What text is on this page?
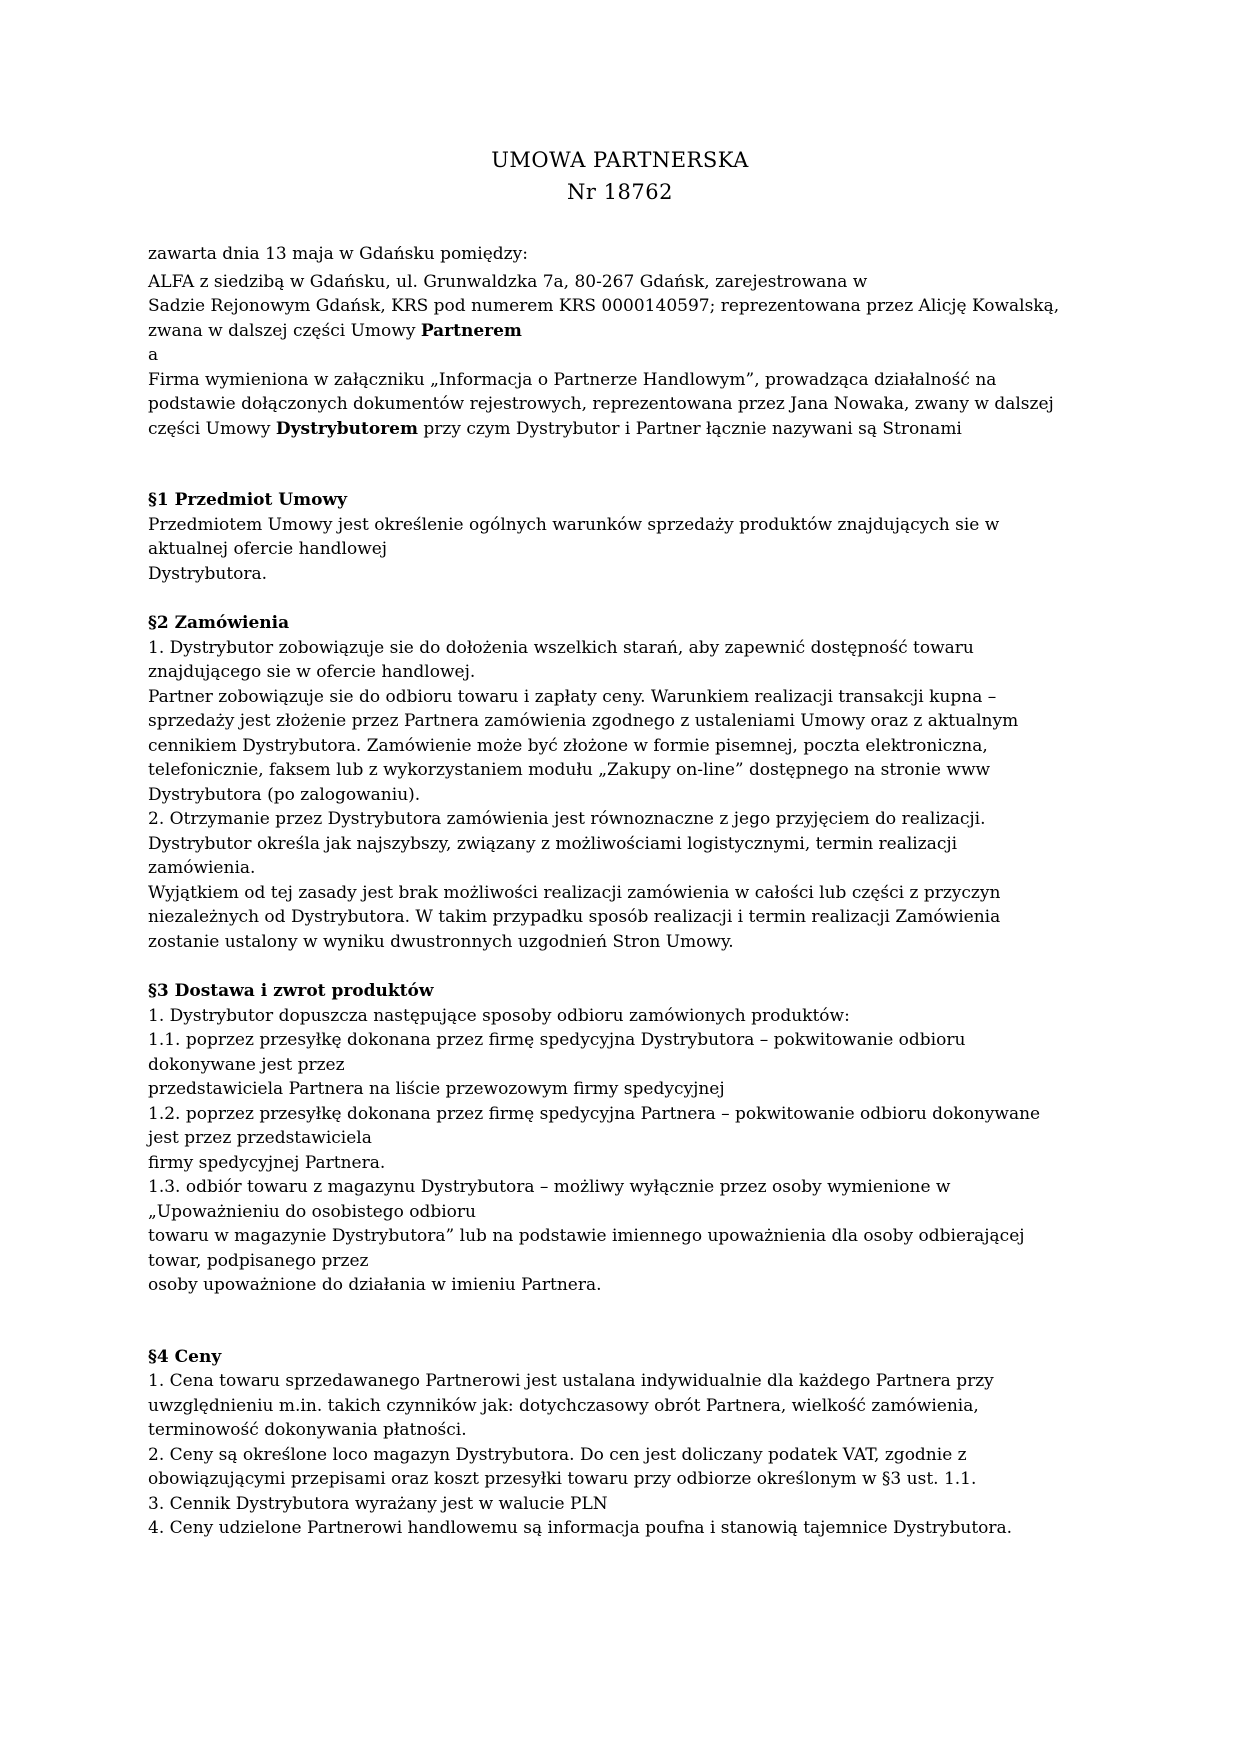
UMOWA PARTNERSKA
Nr 18762
zawarta dnia 13 maja w Gdańsku pomiędzy:
ALFA z siedzibą w Gdańsku, ul. Grunwaldzka 7a, 80-267 Gdańsk, zarejestrowana w
Sadzie Rejonowym Gdańsk, KRS pod numerem KRS 0000140597; reprezentowana przez Alicję Kowalską,
zwana w dalszej części Umowy Partnerem
a
Firma wymieniona w załączniku „Informacja o Partnerze Handlowym”, prowadząca działalność na
podstawie dołączonych dokumentów rejestrowych, reprezentowana przez Jana Nowaka, zwany w dalszej
części Umowy Dystrybutorem przy czym Dystrybutor i Partner łącznie nazywani są Stronami
§1 Przedmiot Umowy
Przedmiotem Umowy jest określenie ogólnych warunków sprzedaży produktów znajdujących sie w
aktualnej ofercie handlowej
Dystrybutora.
§2 Zamówienia
1. Dystrybutor zobowiązuje sie do dołożenia wszelkich starań, aby zapewnić dostępność towaru
znajdującego sie w ofercie handlowej.
Partner zobowiązuje sie do odbioru towaru i zapłaty ceny. Warunkiem realizacji transakcji kupna –
sprzedaży jest złożenie przez Partnera zamówienia zgodnego z ustaleniami Umowy oraz z aktualnym
cennikiem Dystrybutora. Zamówienie może być złożone w formie pisemnej, poczta elektroniczna,
telefonicznie, faksem lub z wykorzystaniem modułu „Zakupy on-line” dostępnego na stronie www
Dystrybutora (po zalogowaniu).
2. Otrzymanie przez Dystrybutora zamówienia jest równoznaczne z jego przyjęciem do realizacji.
Dystrybutor określa jak najszybszy, związany z możliwościami logistycznymi, termin realizacji
zamówienia.
Wyjątkiem od tej zasady jest brak możliwości realizacji zamówienia w całości lub części z przyczyn
niezależnych od Dystrybutora. W takim przypadku sposób realizacji i termin realizacji Zamówienia
zostanie ustalony w wyniku dwustronnych uzgodnień Stron Umowy.
§3 Dostawa i zwrot produktów
1. Dystrybutor dopuszcza następujące sposoby odbioru zamówionych produktów:
1.1. poprzez przesyłkę dokonana przez firmę spedycyjna Dystrybutora – pokwitowanie odbioru
dokonywane jest przez
przedstawiciela Partnera na liście przewozowym firmy spedycyjnej
1.2. poprzez przesyłkę dokonana przez firmę spedycyjna Partnera – pokwitowanie odbioru dokonywane
jest przez przedstawiciela
firmy spedycyjnej Partnera.
1.3. odbiór towaru z magazynu Dystrybutora – możliwy wyłącznie przez osoby wymienione w
„Upoważnieniu do osobistego odbioru
towaru w magazynie Dystrybutora” lub na podstawie imiennego upoważnienia dla osoby odbierającej
towar, podpisanego przez
osoby upoważnione do działania w imieniu Partnera.
§4 Ceny
1. Cena towaru sprzedawanego Partnerowi jest ustalana indywidualnie dla każdego Partnera przy
uwzględnieniu m.in. takich czynników jak: dotychczasowy obrót Partnera, wielkość zamówienia,
terminowość dokonywania płatności.
2. Ceny są określone loco magazyn Dystrybutora. Do cen jest doliczany podatek VAT, zgodnie z
obowiązującymi przepisami oraz koszt przesyłki towaru przy odbiorze określonym w §3 ust. 1.1.
3. Cennik Dystrybutora wyrażany jest w walucie PLN
4. Ceny udzielone Partnerowi handlowemu są informacja poufna i stanowią tajemnice Dystrybutora.
